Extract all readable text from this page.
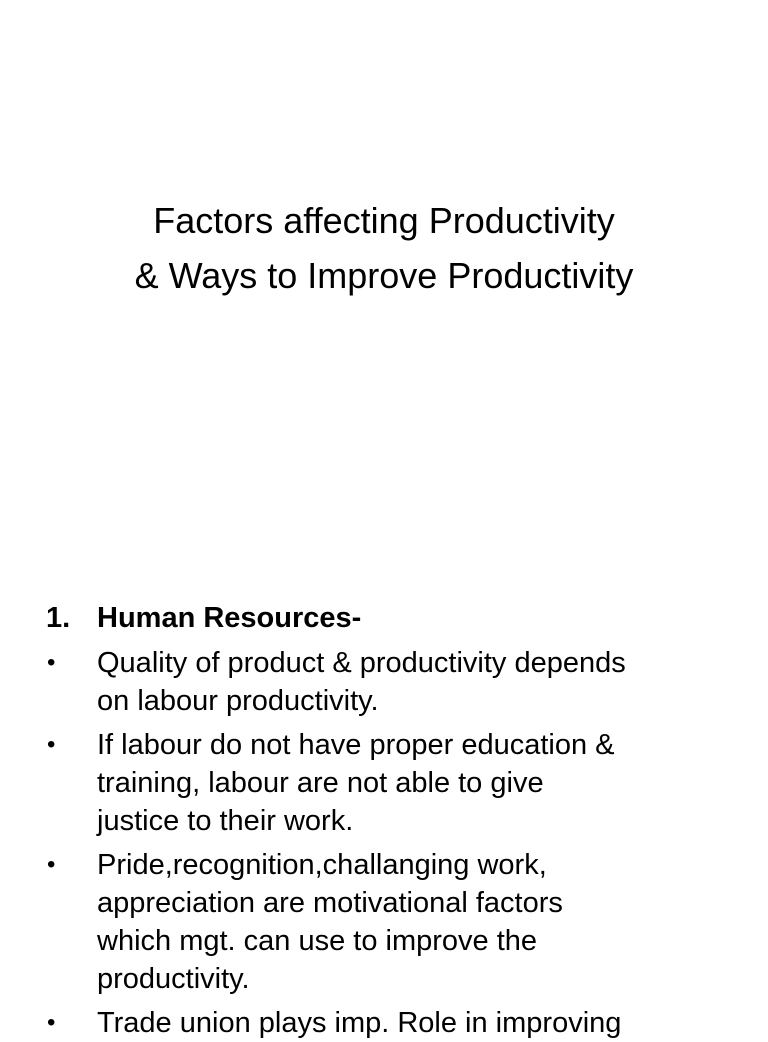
Factors affecting Productivity
& Ways to Improve Productivity
1. Human Resources-
•	Quality of product & productivity depends
on labour productivity.
•	If labour do not have proper education &
training, labour are not able to give
justice to their work.
•	Pride,recognition,challanging work,
appreciation are motivational factors
which mgt. can use to improve the
productivity.
•	Trade union plays imp. Role in improving
